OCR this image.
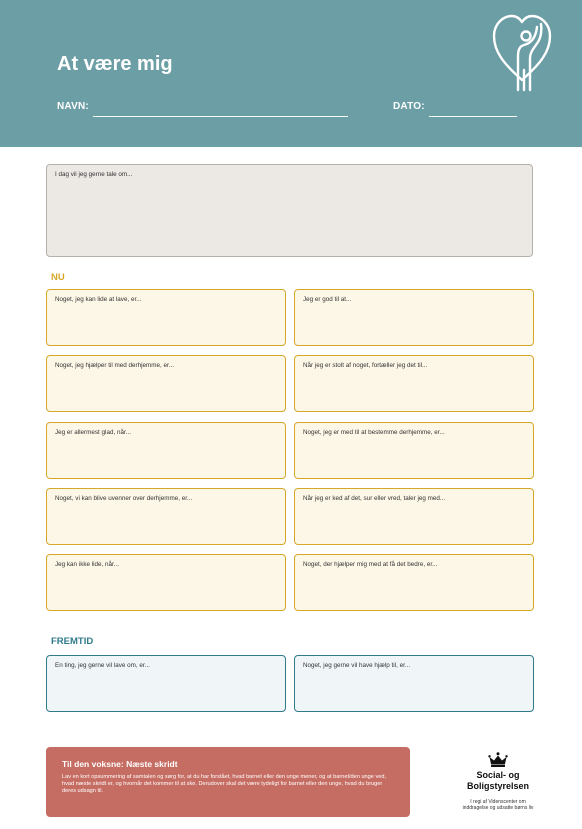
At være mig
NAVN:	DATO:
I dag vil jeg gerne tale om...
NU
Noget, jeg kan lide at lave, er...	Jeg er god til at...
Noget, jeg hjælper til med derhjemme, er...	Når jeg er stolt af noget, fortæller jeg det til...
Jeg er allermest glad, når...	Noget, jeg er med til at bestemme derhjemme, er...
Noget, vi kan blive uvenner over derhjemme, er...	Når jeg er ked af det, sur eller vred, taler jeg med...
Jeg kan ikke lide, når...	Noget, der hjælper mig med at få det bedre, er...
FREMTID
En ting, jeg gerne vil lave om, er...	Noget, jeg gerne vil have hjælp til, er...
Til den voksne: Næste skridt
Lav en kort opsummering af samtalen og sørg for, at du har forstået, hvad barnet eller den unge mener, og at barnet/den unge ved, hvad næste skridt er, og hvornår det kommer til at ske. Derudover skal det være tydeligt for barnet eller den unge, hvad du bruger deres udsagn til.
Social- og
Boligstyrelsen
I regi af Videnscenter om
inddragelse og udsatte børns liv
